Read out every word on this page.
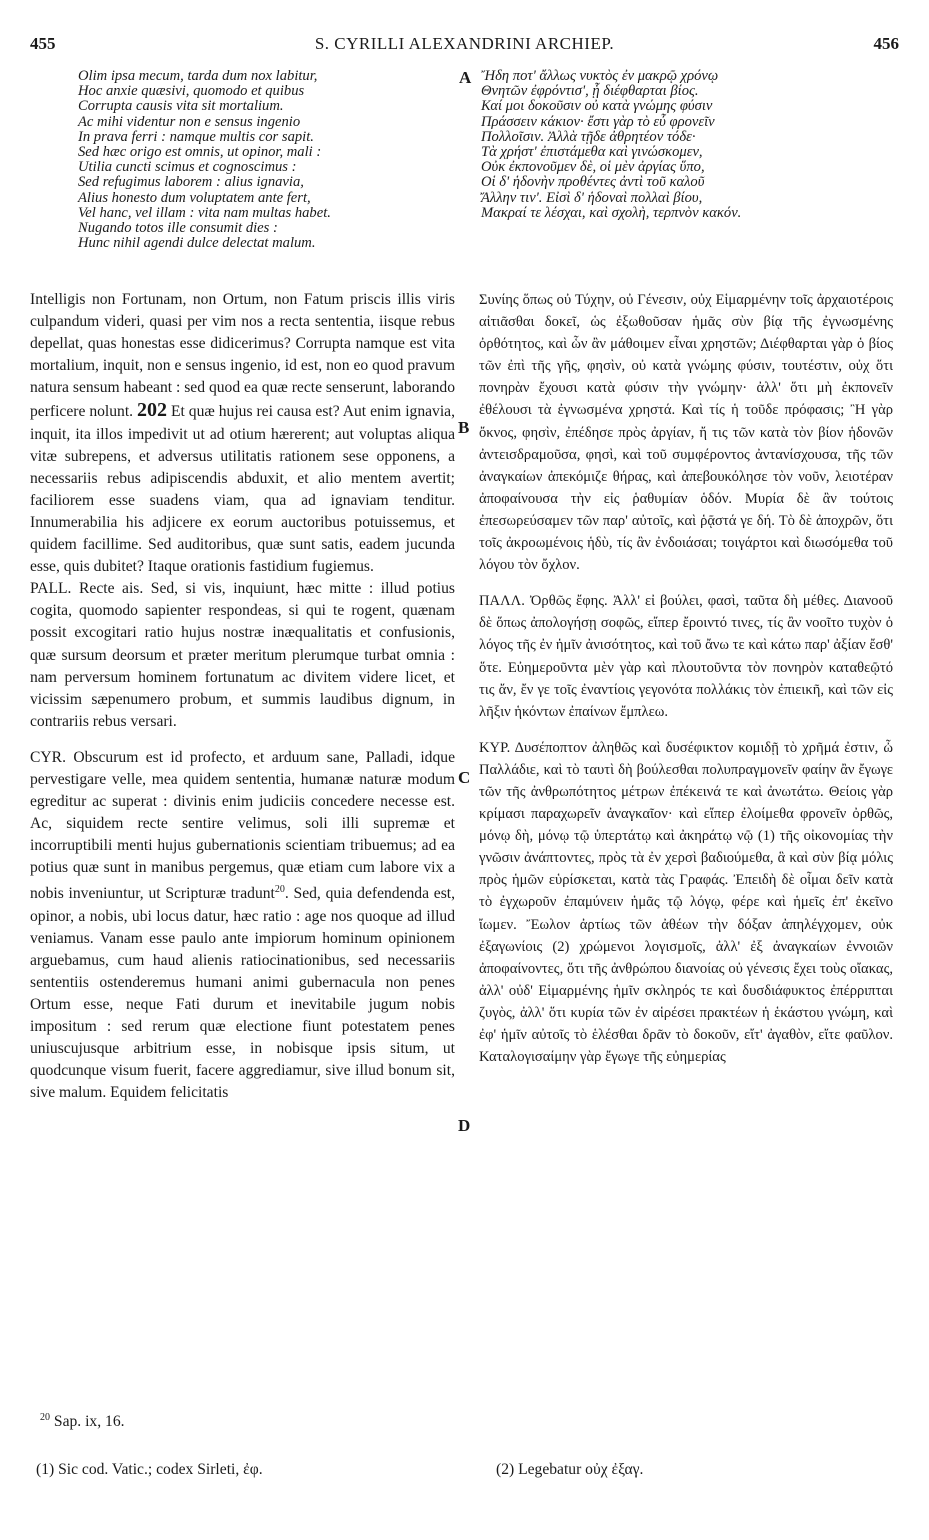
455	S. CYRILLI ALEXANDRINI ARCHIEP.	456
A
B
C
D
Olim ipsa mecum, tarda dum nox labitur,
Hoc anxie quæsivi, quomodo et quibus
Corrupta causis vita sit mortalium.
Ac mihi videntur non e sensus ingenio
In prava ferri : namque multis cor sapit.
Sed hæc origo est omnis, ut opinor, mali :
Utilia cuncti scimus et cognoscimus :
Sed refugimus laborem : alius ignavia,
Alius honesto dum voluptatem ante fert,
Vel hanc, vel illam : vita nam multas habet.
Nugando totos ille consumit dies :
Hunc nihil agendi dulce delectat malum.
Ἤδη ποτ' ἄλλως νυκτὸς ἐν μακρῷ χρόνῳ
Θνητῶν ἐφρόντισ', ᾗ διέφθαρται βίος.
Καί μοι δοκοῦσιν οὐ κατὰ γνώμης φύσιν
Πράσσειν κάκιον· ἔστι γὰρ τὸ εὖ φρονεῖν
Πολλοῖσιν. Ἀλλὰ τῇδε ἀθρητέον τόδε·
Τὰ χρήστ' ἐπιστάμεθα καὶ γινώσκομεν,
Οὐκ ἐκπονοῦμεν δὲ, οἱ μὲν ἀργίας ὕπο,
Οἱ δ' ἡδονὴν προθέντες ἀντὶ τοῦ καλοῦ
Ἄλλην τιν'. Εἰσὶ δ' ἡδοναὶ πολλαὶ βίου,
Μακραί τε λέσχαι, καὶ σχολὴ, τερπνὸν κακόν.

Intelligis non Fortunam, non Ortum, non Fatum priscis illis viris culpandum videri, quasi per vim nos a recta sententia, iisque rebus depellat, quas honestas esse didicerimus? Corrupta namque est vita mortalium, inquit, non e sensus ingenio, id est, non eo quod pravum natura sensum habeant : sed quod ea quæ recte senserunt, laborando perficere nolunt. 202 Et quæ hujus rei causa est? Aut enim ignavia, inquit, ita illos impedivit ut ad otium hærerent; aut voluptas aliqua vitæ subrepens, et adversus utilitatis rationem sese opponens, a necessariis rebus adipiscendis abduxit, et alio mentem avertit; faciliorem esse suadens viam, qua ad ignaviam tenditur. Innumerabilia his adjicere ex eorum auctoribus potuissemus, et quidem facillime. Sed auditoribus, quæ sunt satis, eadem jucunda esse, quis dubitet? Itaque orationis fastidium fugiemus.

PALL. Recte ais. Sed, si vis, inquiunt, hæc mitte : illud potius cogita, quomodo sapienter respondeas, si qui te rogent, quænam possit excogitari ratio hujus nostræ inæqualitatis et confusionis, quæ sursum deorsum et præter meritum plerumque turbat omnia : nam perversum hominem fortunatum ac divitem videre licet, et vicissim sæpenumero probum, et summis laudibus dignum, in contrariis rebus versari.

CYR. Obscurum est id profecto, et arduum sane, Palladi, idque pervestigare velle, mea quidem sententia, humanæ naturæ modum egreditur ac superat : divinis enim judiciis concedere necesse est. Ac, siquidem recte sentire velimus, soli illi supremæ et incorruptibili menti hujus gubernationis scientiam tribuemus; ad ea potius quæ sunt in manibus pergemus, quæ etiam cum labore vix a nobis inveniuntur, ut Scripturæ tradunt$^{20}$. Sed, quia defendenda est, opinor, a nobis, ubi locus datur, hæc ratio : age nos quoque ad illud veniamus. Vanam esse paulo ante impiorum hominum opinionem arguebamus, cum haud alienis ratiocinationibus, sed necessariis sententiis ostenderemus humani animi gubernacula non penes Ortum esse, neque Fati durum et inevitabile jugum nobis impositum : sed rerum quæ electione fiunt potestatem penes uniuscujusque arbitrium esse, in nobisque ipsis situm, ut quodcunque visum fuerit, facere aggrediamur, sive illud bonum sit, sive malum. Equidem felicitatis

Συνίης ὅπως οὐ Τύχην, οὐ Γένεσιν, οὐχ Εἱμαρμένην τοῖς ἀρχαιοτέροις αἰτιᾶσθαι δοκεῖ, ὡς ἐξωθοῦσαν ἡμᾶς σὺν βίᾳ τῆς ἐγνωσμένης ὀρθότητος, καὶ ὧν ἂν μάθοιμεν εἶναι χρηστῶν; Διέφθαρται γὰρ ὁ βίος τῶν ἐπὶ τῆς γῆς, φησὶν, οὐ κατὰ γνώμης φύσιν, τουτέστιν, οὐχ ὅτι πονηρὰν ἔχουσι κατὰ φύσιν τὴν γνώμην· ἀλλ' ὅτι μὴ ἐκπονεῖν ἐθέλουσι τὰ ἐγνωσμένα χρηστά. Καὶ τίς ἡ τοῦδε πρόφασις; Ἢ γὰρ ὄκνος, φησὶν, ἐπέδησε πρὸς ἀργίαν, ἤ τις τῶν κατὰ τὸν βίον ἡδονῶν ἀντεισδραμοῦσα, φησὶ, καὶ τοῦ συμφέροντος ἀντανίσχουσα, τῆς τῶν ἀναγκαίων ἀπεκόμιζε θήρας, καὶ ἀπεβουκόλησε τὸν νοῦν, λειοτέραν ἀποφαίνουσα τὴν εἰς ῥαθυμίαν ὁδόν. Μυρία δὲ ἂν τούτοις ἐπεσωρεύσαμεν τῶν παρ' αὐτοῖς, καὶ ῥᾷστά γε δή. Τὸ δὲ ἀποχρῶν, ὅτι τοῖς ἀκροωμένοις ἡδὺ, τίς ἂν ἐνδοιάσαι; τοιγάρτοι καὶ διωσόμεθα τοῦ λόγου τὸν ὄχλον.

ΠΑΛΛ. Ὀρθῶς ἔφης. Ἀλλ' εἰ βούλει, φασὶ, ταῦτα δὴ μέθες. Διανοοῦ δὲ ὅπως ἀπολογήσῃ σοφῶς, εἴπερ ἔροιντό τινες, τίς ἂν νοοῖτο τυχὸν ὁ λόγος τῆς ἐν ἡμῖν ἀνισότητος, καὶ τοῦ ἄνω τε καὶ κάτω παρ' ἀξίαν ἔσθ' ὅτε. Εὐημεροῦντα μὲν γὰρ καὶ πλουτοῦντα τὸν πονηρὸν καταθεῷτό τις ἄν, ἔν γε τοῖς ἐναντίοις γεγονότα πολλάκις τὸν ἐπιεικῆ, καὶ τῶν εἰς λῆξιν ἡκόντων ἐπαίνων ἔμπλεω.

ΚΥΡ. Δυσέποπτον ἀληθῶς καὶ δυσέφικτον κομιδῇ τὸ χρῆμά ἐστιν, ὦ Παλλάδιε, καὶ τὸ ταυτὶ δὴ βούλεσθαι πολυπραγμονεῖν φαίην ἂν ἔγωγε τῶν τῆς ἀνθρωπότητος μέτρων ἐπέκεινά τε καὶ ἀνωτάτω. Θείοις γὰρ κρίμασι παραχωρεῖν ἀναγκαῖον· καὶ εἴπερ ἐλοίμεθα φρονεῖν ὀρθῶς, μόνῳ δὴ, μόνῳ τῷ ὑπερτάτῳ καὶ ἀκηράτῳ νῷ (1) τῆς οἰκονομίας τὴν γνῶσιν ἀνάπτοντες, πρὸς τὰ ἐν χερσὶ βαδιούμεθα, ἃ καὶ σὺν βίᾳ μόλις πρὸς ἡμῶν εὑρίσκεται, κατὰ τὰς Γραφάς. Ἐπειδὴ δὲ οἶμαι δεῖν κατὰ τὸ ἐγχωροῦν ἐπαμύνειν ἡμᾶς τῷ λόγῳ, φέρε καὶ ἡμεῖς ἐπ' ἐκεῖνο ἴωμεν. Ἔωλον ἀρτίως τῶν ἀθέων τὴν δόξαν ἀπηλέγχομεν, οὐκ ἐξαγωνίοις (2) χρώμενοι λογισμοῖς, ἀλλ' ἐξ ἀναγκαίων ἐννοιῶν ἀποφαίνοντες, ὅτι τῆς ἀνθρώπου διανοίας οὐ γένεσις ἔχει τοὺς οἴακας, ἀλλ' οὐδ' Εἱμαρμένης ἡμῖν σκληρός τε καὶ δυσδιάφυκτος ἐπέρριπται ζυγὸς, ἀλλ' ὅτι κυρία τῶν ἐν αἱρέσει πρακτέων ἡ ἑκάστου γνώμη, καὶ ἐφ' ἡμῖν αὐτοῖς τὸ ἑλέσθαι δρᾶν τὸ δοκοῦν, εἴτ' ἀγαθὸν, εἴτε φαῦλον. Καταλογισαίμην γὰρ ἔγωγε τῆς εὐημερίας

$^{20}$ Sap. ix, 16.
(1) Sic cod. Vatic.; codex Sirleti, ἐφ.	(2) Legebatur οὐχ ἐξαγ.
